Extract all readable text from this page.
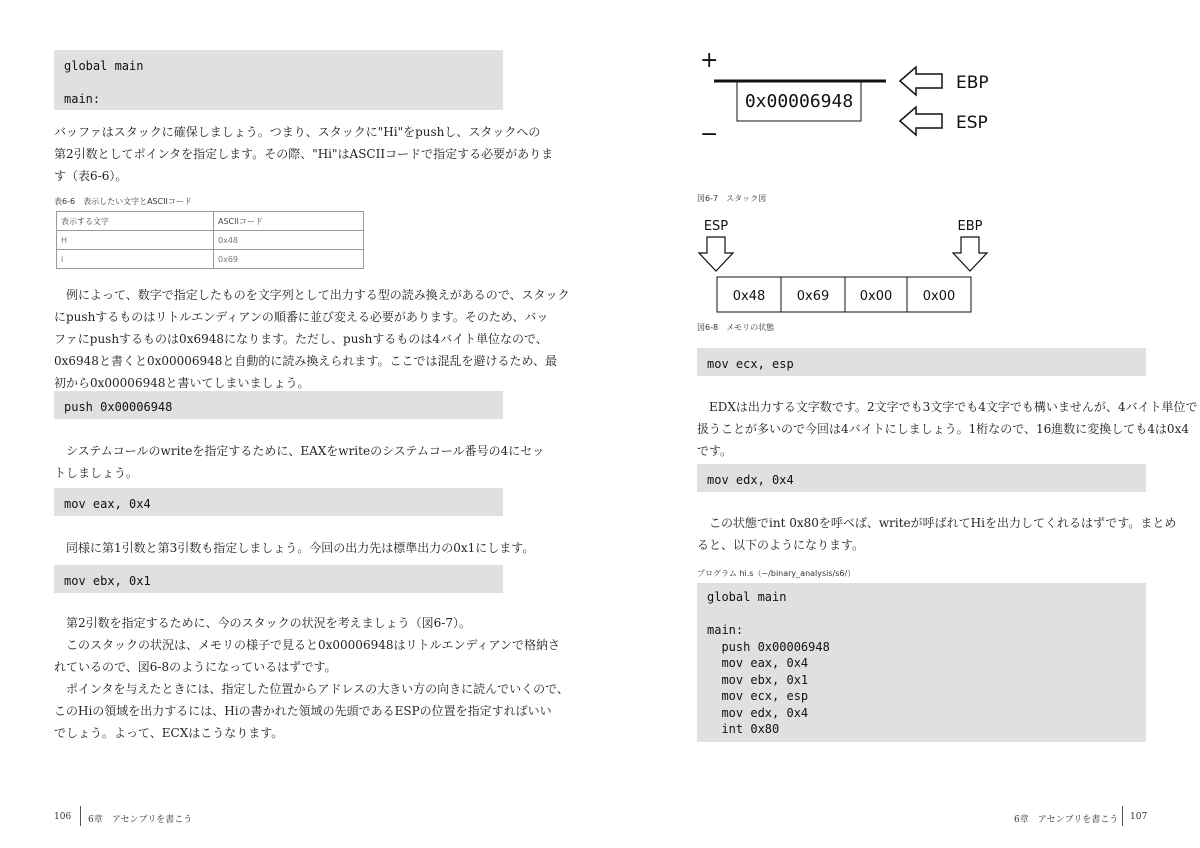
global main

main:
バッファはスタックに確保しましょう。つまり、スタックに"Hi"をpushし、スタックへの
第2引数としてポインタを指定します。その際、"Hi"はASCIIコードで指定する必要がありま
す（表6-6）。
表6-6　表示したい文字とASCIIコード
表示する文字	ASCIIコード
H	0x48
i	0x69
　例によって、数字で指定したものを文字列として出力する型の読み換えがあるので、スタック
にpushするものはリトルエンディアンの順番に並び変える必要があります。そのため、バッ
ファにpushするものは0x6948になります。ただし、pushするものは4バイト単位なので、
0x6948と書くと0x00006948と自動的に読み換えられます。ここでは混乱を避けるため、最
初から0x00006948と書いてしまいましょう。
push 0x00006948
　システムコールのwriteを指定するために、EAXをwriteのシステムコール番号の4にセッ
トしましょう。
mov eax, 0x4
　同様に第1引数と第3引数も指定しましょう。今回の出力先は標準出力の0x1にします。
mov ebx, 0x1
　第2引数を指定するために、今のスタックの状況を考えましょう（図6-7）。
　このスタックの状況は、メモリの様子で見ると0x00006948はリトルエンディアンで格納さ
れているので、図6-8のようになっているはずです。
　ポインタを与えたときには、指定した位置からアドレスの大きい方の向きに読んでいくので、
このHiの領域を出力するには、Hiの書かれた領域の先頭であるESPの位置を指定すればいい
でしょう。よって、ECXはこうなります。
106 6章　アセンブリを書こう
+
0x00006948
−
EBP
ESP
図6-7　スタック図
ESP	EBP
0x48 0x69 0x00 0x00
図6-8　メモリの状態
mov ecx, esp
　EDXは出力する文字数です。2文字でも3文字でも4文字でも構いませんが、4バイト単位で
扱うことが多いので今回は4バイトにしましょう。1桁なので、16進数に変換しても4は0x4
です。
mov edx, 0x4
　この状態でint 0x80を呼べば、writeが呼ばれてHiを出力してくれるはずです。まとめ
ると、以下のようになります。
プログラム hi.s（~/binary_analysis/s6/）
global main

main:
push 0x00006948
mov eax, 0x4
mov ebx, 0x1
mov ecx, esp
mov edx, 0x4
int 0x80
6章　アセンブリを書こう 107
